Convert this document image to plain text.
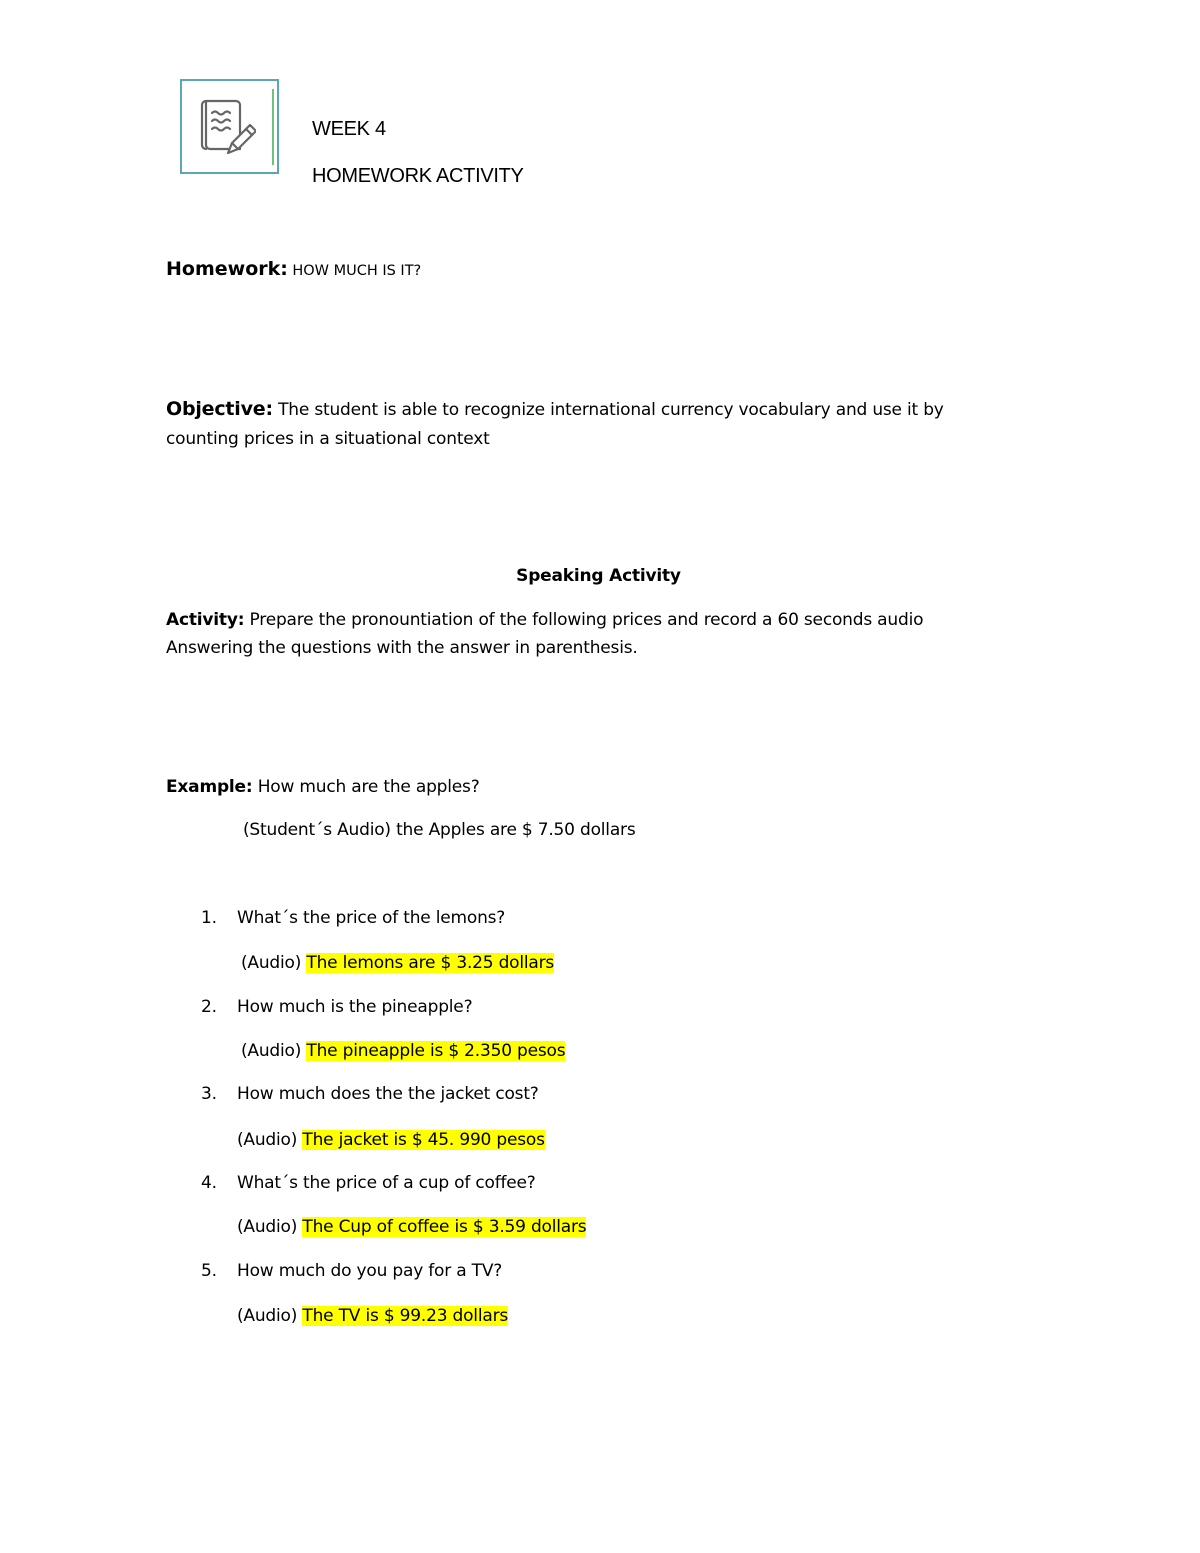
WEEK 4
HOMEWORK ACTIVITY
Homework: HOW MUCH IS IT?
Objective: The student is able to recognize international currency vocabulary and use it by
counting prices in a situational context
Speaking Activity
Activity: Prepare the pronountiation of the following prices and record a 60 seconds audio
Answering the questions with the answer in parenthesis.
Example: How much are the apples?
(Student´s Audio) the Apples are $ 7.50 dollars
1. What´s the price of the lemons?
(Audio) The lemons are $ 3.25 dollars
2. How much is the pineapple?
(Audio) The pineapple is $ 2.350 pesos
3. How much does the the jacket cost?
(Audio) The jacket is $ 45. 990 pesos
4. What´s the price of a cup of coffee?
(Audio) The Cup of coffee is $ 3.59 dollars
5. How much do you pay for a TV?
(Audio) The TV is $ 99.23 dollars
